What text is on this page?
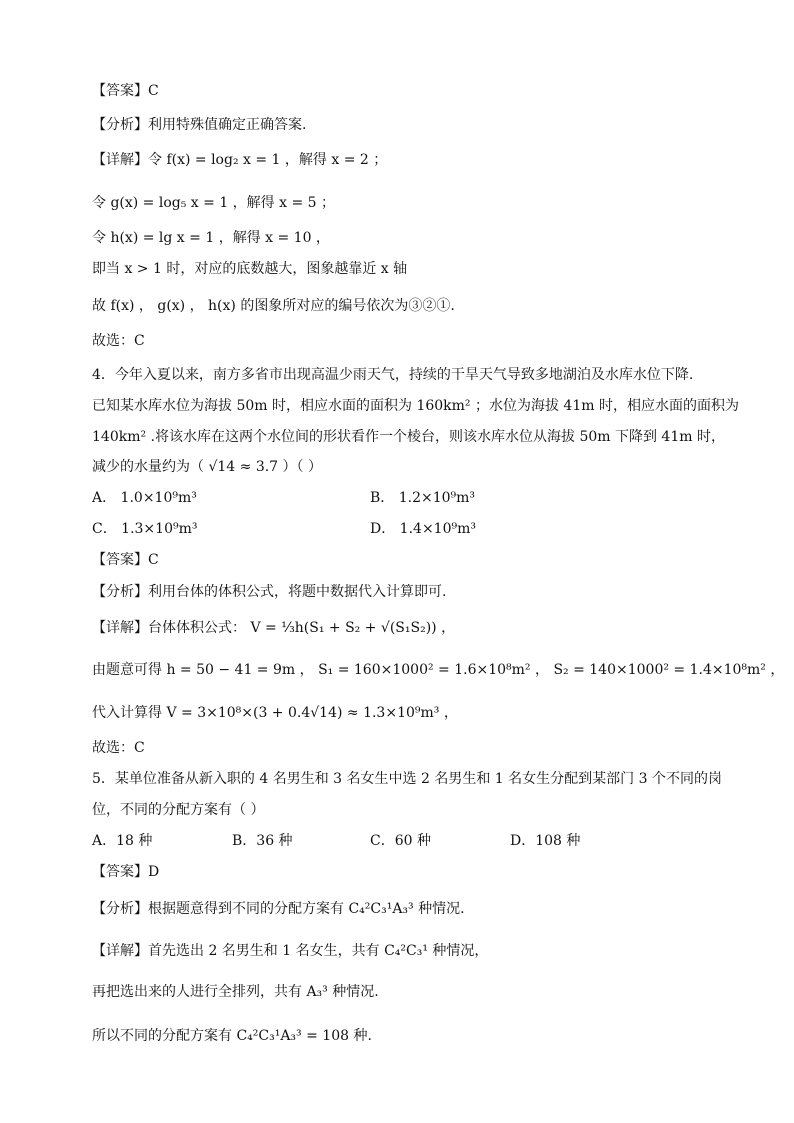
【答案】C
【分析】利用特殊值确定正确答案.
【详解】令 f(x) = log₂ x = 1 ，解得 x = 2 ；
令 g(x) = log₅ x = 1 ，解得 x = 5 ；
令 h(x) = lg x = 1 ，解得 x = 10 ，
即当 x > 1 时，对应的底数越大，图象越靠近 x 轴
故 f(x) ， g(x) ， h(x) 的图象所对应的编号依次为③②①.
故选：C
4．今年入夏以来，南方多省市出现高温少雨天气，持续的干旱天气导致多地湖泊及水库水位下降.
已知某水库水位为海拔 50m 时，相应水面的面积为 160km² ；水位为海拔 41m 时，相应水面的面积为
140km² .将该水库在这两个水位间的形状看作一个棱台，则该水库水位从海拔 50m 下降到 41m 时，
减少的水量约为（ √14 ≈ 3.7 ）（ ）
A． 1.0×10⁹m³	B． 1.2×10⁹m³
C． 1.3×10⁹m³	D． 1.4×10⁹m³
【答案】C
【分析】利用台体的体积公式，将题中数据代入计算即可.
【详解】台体体积公式： V = ⅓h(S₁ + S₂ + √(S₁S₂)) ，
由题意可得 h = 50 − 41 = 9m ， S₁ = 160×1000² = 1.6×10⁸m² ， S₂ = 140×1000² = 1.4×10⁸m² ，
代入计算得 V = 3×10⁸×(3 + 0.4√14) ≈ 1.3×10⁹m³ ，
故选：C
5．某单位准备从新入职的 4 名男生和 3 名女生中选 2 名男生和 1 名女生分配到某部门 3 个不同的岗
位，不同的分配方案有（ ）
A．18 种	B．36 种	C．60 种	D．108 种
【答案】D
【分析】根据题意得到不同的分配方案有 C₄²C₃¹A₃³ 种情况.
【详解】首先选出 2 名男生和 1 名女生，共有 C₄²C₃¹ 种情况，
再把选出来的人进行全排列，共有 A₃³ 种情况.
所以不同的分配方案有 C₄²C₃¹A₃³ = 108 种.
